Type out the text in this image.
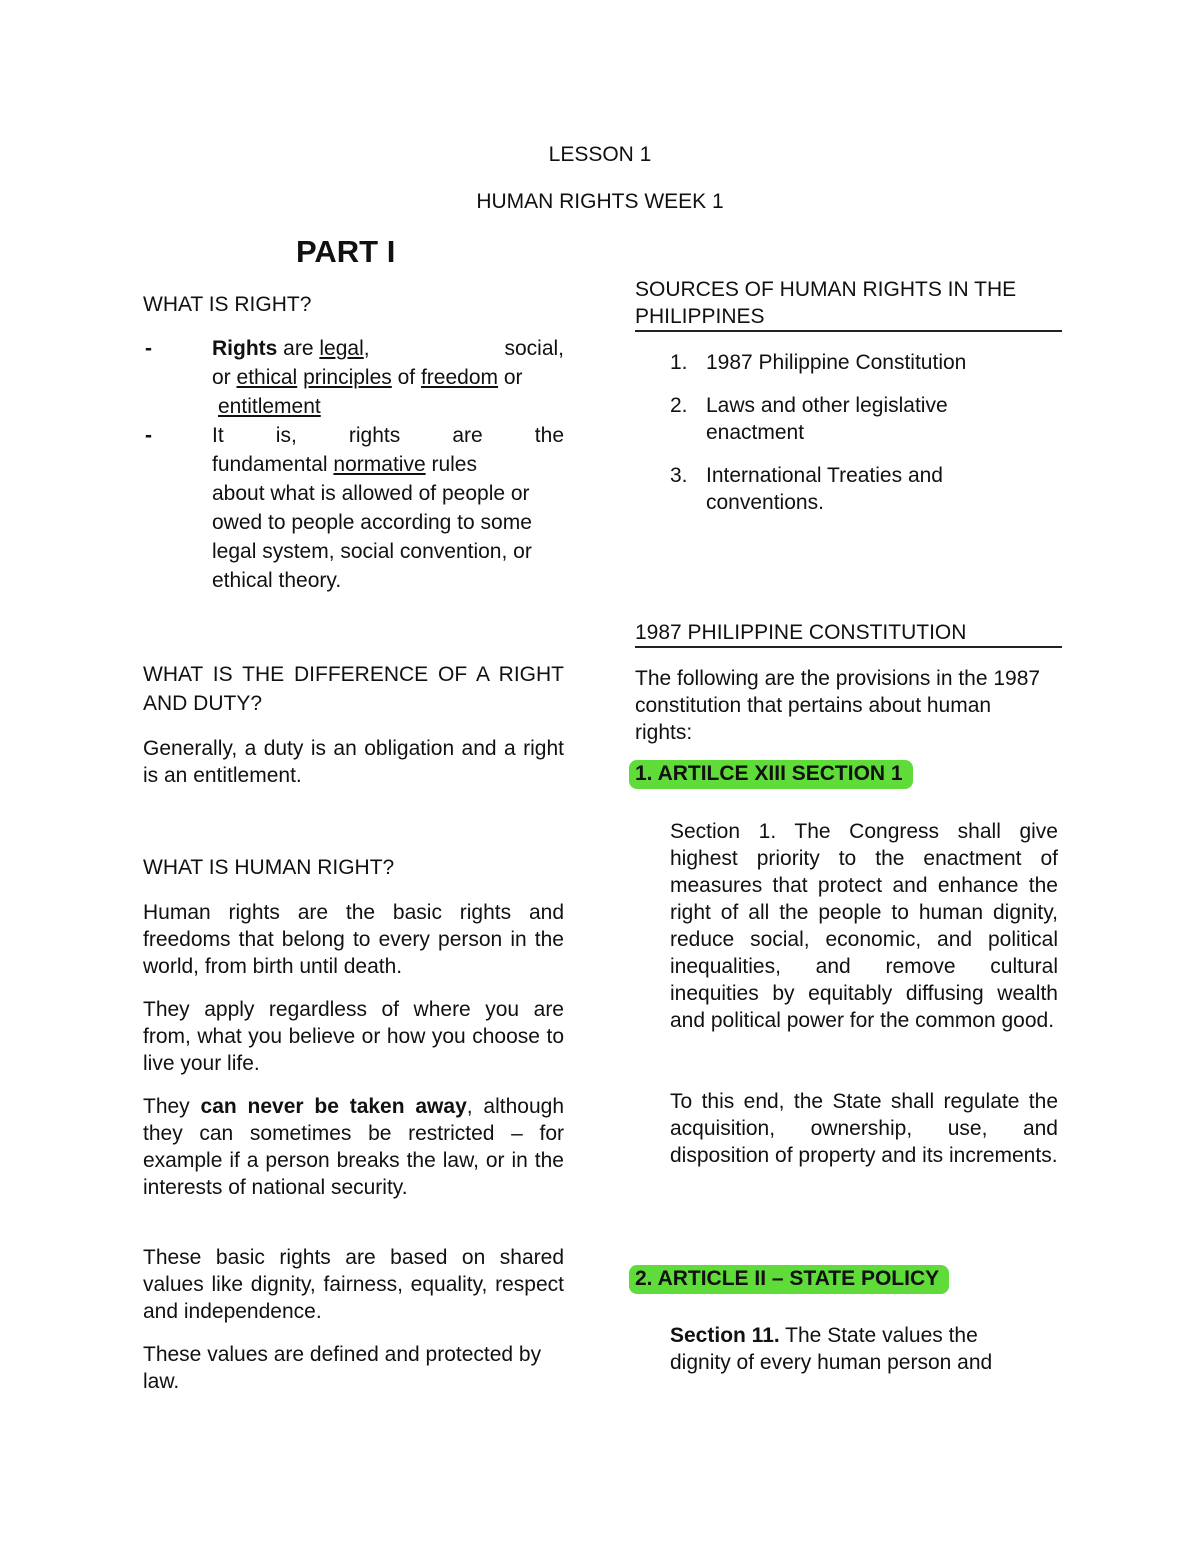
LESSON 1
HUMAN RIGHTS WEEK 1
PART I
WHAT IS RIGHT?
-	Rights are legal,	social,
or ethical principles of freedom or
entitlement
-	It is, rights are the
fundamental normative rules
about what is allowed of people or owed to people according to some legal system, social convention, or ethical theory.
WHAT IS THE DIFFERENCE OF A RIGHT AND DUTY?
Generally, a duty is an obligation and a right is an entitlement.
WHAT IS HUMAN RIGHT?
Human rights are the basic rights and freedoms that belong to every person in the world, from birth until death.
They apply regardless of where you are from, what you believe or how you choose to live your life.
They can never be taken away, although they can sometimes be restricted – for example if a person breaks the law, or in the interests of national security.
These basic rights are based on shared values like dignity, fairness, equality, respect and independence.
These values are defined and protected by law.
SOURCES OF HUMAN RIGHTS IN THE PHILIPPINES
1. 1987 Philippine Constitution
2. Laws and other legislative enactment
3. International Treaties and conventions.
1987 PHILIPPINE CONSTITUTION
The following are the provisions in the 1987 constitution that pertains about human rights:
1. ARTILCE XIII SECTION 1
Section 1. The Congress shall give highest priority to the enactment of measures that protect and enhance the right of all the people to human dignity, reduce social, economic, and political inequalities, and remove cultural inequities by equitably diffusing wealth and political power for the common good.
To this end, the State shall regulate the acquisition, ownership, use, and disposition of property and its increments.
2. ARTICLE II – STATE POLICY
Section 11. The State values the dignity of every human person and
